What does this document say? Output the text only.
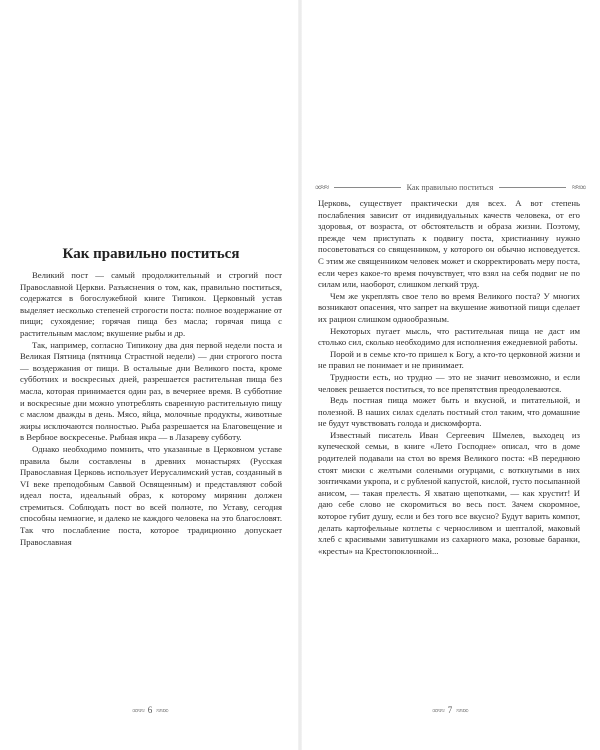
Как правильно поститься

Великий пост — самый продолжительный и строгий пост Православной Церкви. Разъяснения о том, как, правильно поститься, содержатся в богослужебной книге Типикон. Церковный устав выделяет несколько степеней строгости поста: полное воздержание от пищи; сухоядение; горячая пища без масла; горячая пища с растительным маслом; вкушение рыбы и др.

Так, например, согласно Типикону два дня первой недели поста и Великая Пятница (пятница Страстной недели) — дни строгого поста — воздержания от пищи. В остальные дни Великого поста, кроме субботних и воскресных дней, разрешается растительная пища без масла, которая принимается один раз, в вечернее время. В субботние и воскресные дни можно употреблять сваренную растительную пищу с маслом дважды в день. Мясо, яйца, молочные продукты, животные жиры исключаются полностью. Рыба разрешается на Благовещение и в Вербное воскресенье. Рыбная икра — в Лазареву субботу.

Однако необходимо помнить, что указанные в Церковном уставе правила были составлены в древних монастырях (Русская Православная Церковь использует Иерусалимский устав, созданный в VI веке преподобным Саввой Освященным) и представляют собой идеал поста, идеальный образ, к которому мирянин должен стремиться. Соблюдать пост во всей полноте, по Уставу, сегодня способны немногие, и далеко не каждого человека на это благословят. Так что послабление поста, которое традиционно допускает Православная

∞≈≈ 6 ≈≈∞
∞≈≈	Как правильно поститься	≈≈∞

Церковь, существует практически для всех. А вот степень послабления зависит от индивидуальных качеств человека, от его здоровья, от возраста, от обстоятельств и образа жизни. Поэтому, прежде чем приступать к подвигу поста, христианину нужно посоветоваться со священником, у которого он обычно исповедуется. С этим же священником человек может и скорректировать меру поста, если через какое-то время почувствует, что взял на себя подвиг не по силам или, наоборот, слишком легкий труд.

Чем же укреплять свое тело во время Великого поста? У многих возникают опасения, что запрет на вкушение животной пищи сделает их рацион слишком однообразным.

Некоторых пугает мысль, что растительная пища не даст им столько сил, сколько необходимо для исполнения ежедневной работы.

Порой и в семье кто-то пришел к Богу, а кто-то церковной жизни и не правил не понимает и не принимает.

Трудности есть, но трудно — это не значит невозможно, и если человек решается поститься, то все препятствия преодолеваются.

Ведь постная пища может быть и вкусной, и питательной, и полезной. В наших силах сделать постный стол таким, что домашние не будут чувствовать голода и дискомфорта.

Известный писатель Иван Сергеевич Шмелев, выходец из купеческой семьи, в книге «Лето Господне» описал, что в доме родителей подавали на стол во время Великого поста: «В переднюю стоят миски с желтыми солеными огурцами, с воткнутыми в них зонтичками укропа, и с рубленой капустой, кислой, густо посыпанной анисом, — такая прелесть. Я хватаю щепотками, — как хрустит! И даю себе слово не скоромиться во весь пост. Зачем скоромное, которое губит душу, если и без того все вкусно? Будут варить компот, делать картофельные котлеты с черносливом и шепталой, маковый хлеб с красивыми завитушками из сахарного мака, розовые баранки, «кресты» на Крестопоклонной...

∞≈≈ 7 ≈≈∞
